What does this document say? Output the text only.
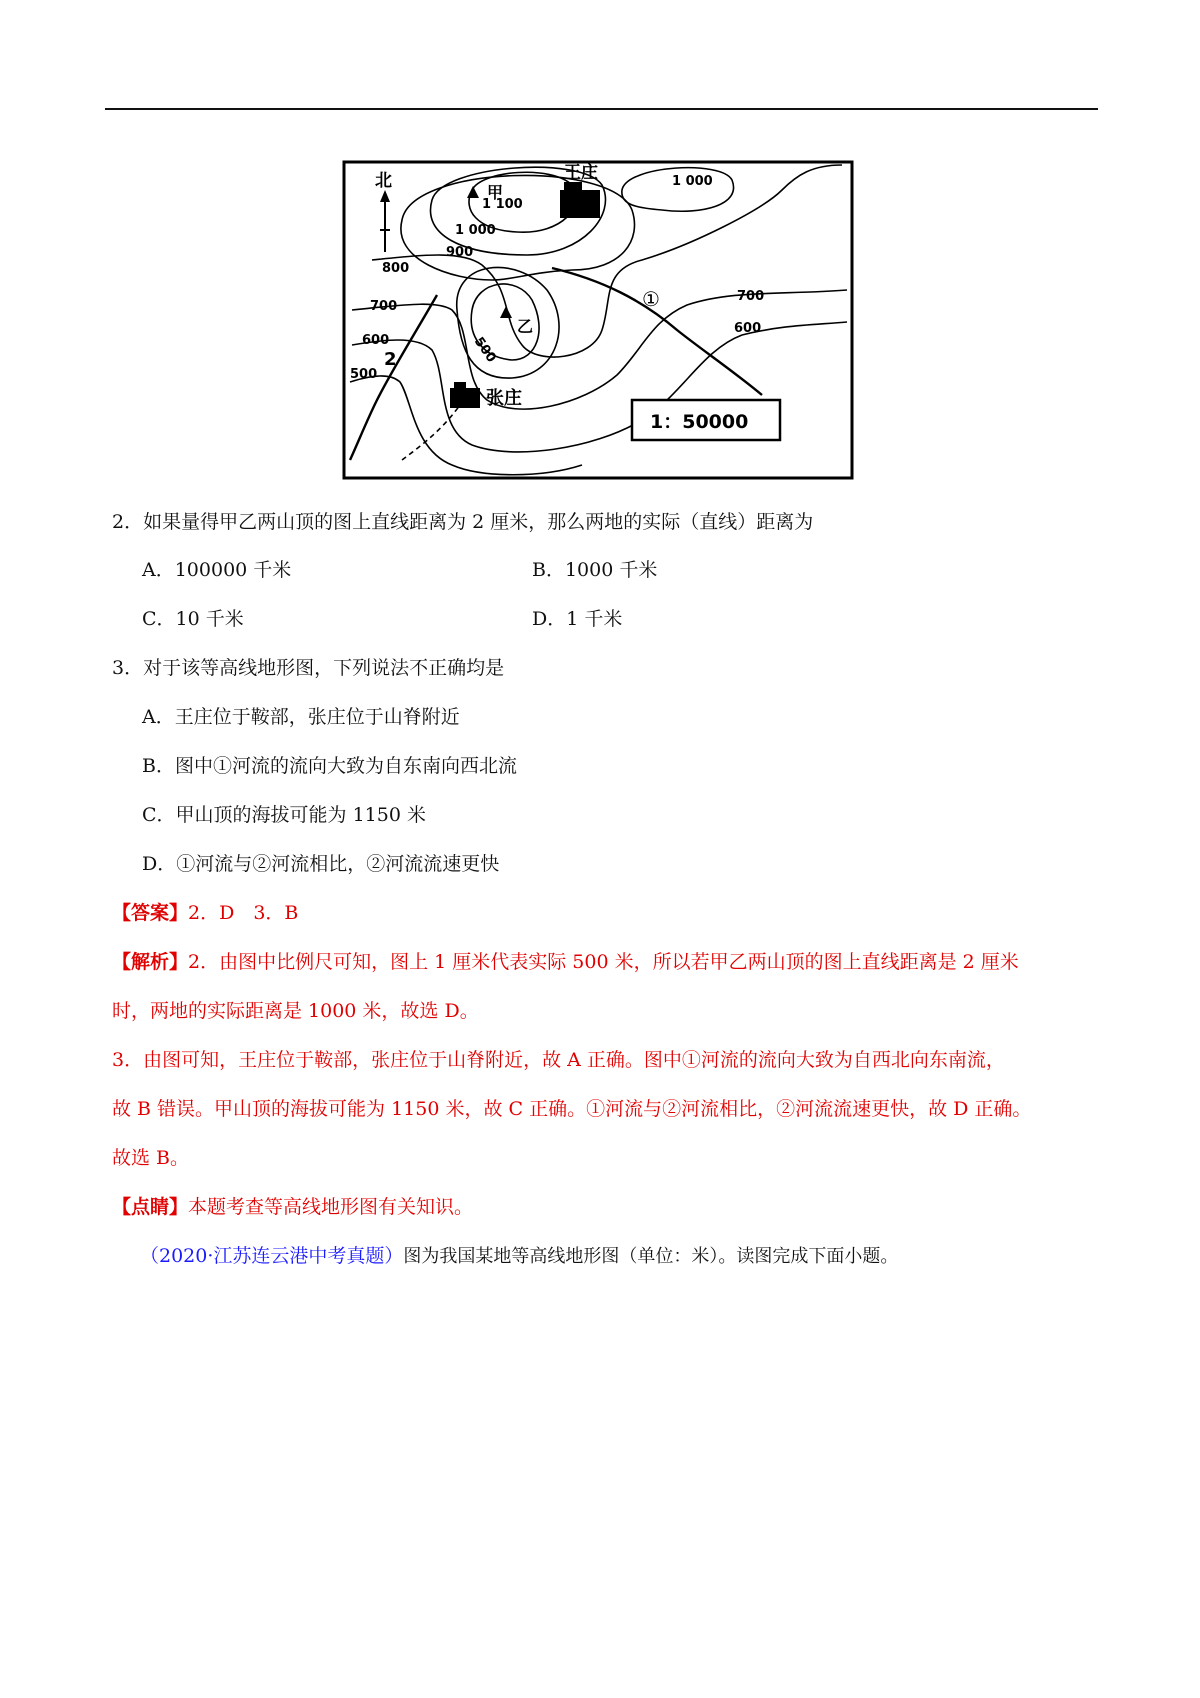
北
甲
乙
王庄
张庄
①
2
1：50000
1 100
1 000
1 000
900
800
700
700
600
600
500
500
2．如果量得甲乙两山顶的图上直线距离为 2 厘米，那么两地的实际（直线）距离为
A．100000 千米	B．1000 千米
C．10 千米	D．1 千米
3．对于该等高线地形图，下列说法不正确均是
A．王庄位于鞍部，张庄位于山脊附近
B．图中①河流的流向大致为自东南向西北流
C．甲山顶的海拔可能为 1150 米
D．①河流与②河流相比，②河流流速更快
【答案】2．D　3．B
【解析】2．由图中比例尺可知，图上 1 厘米代表实际 500 米，所以若甲乙两山顶的图上直线距离是 2 厘米
时，两地的实际距离是 1000 米，故选 D。
3．由图可知，王庄位于鞍部，张庄位于山脊附近，故 A 正确。图中①河流的流向大致为自西北向东南流，
故 B 错误。甲山顶的海拔可能为 1150 米，故 C 正确。①河流与②河流相比，②河流流速更快，故 D 正确。
故选 B。
【点睛】本题考查等高线地形图有关知识。
（2020·江苏连云港中考真题）图为我国某地等高线地形图（单位：米）。读图完成下面小题。
